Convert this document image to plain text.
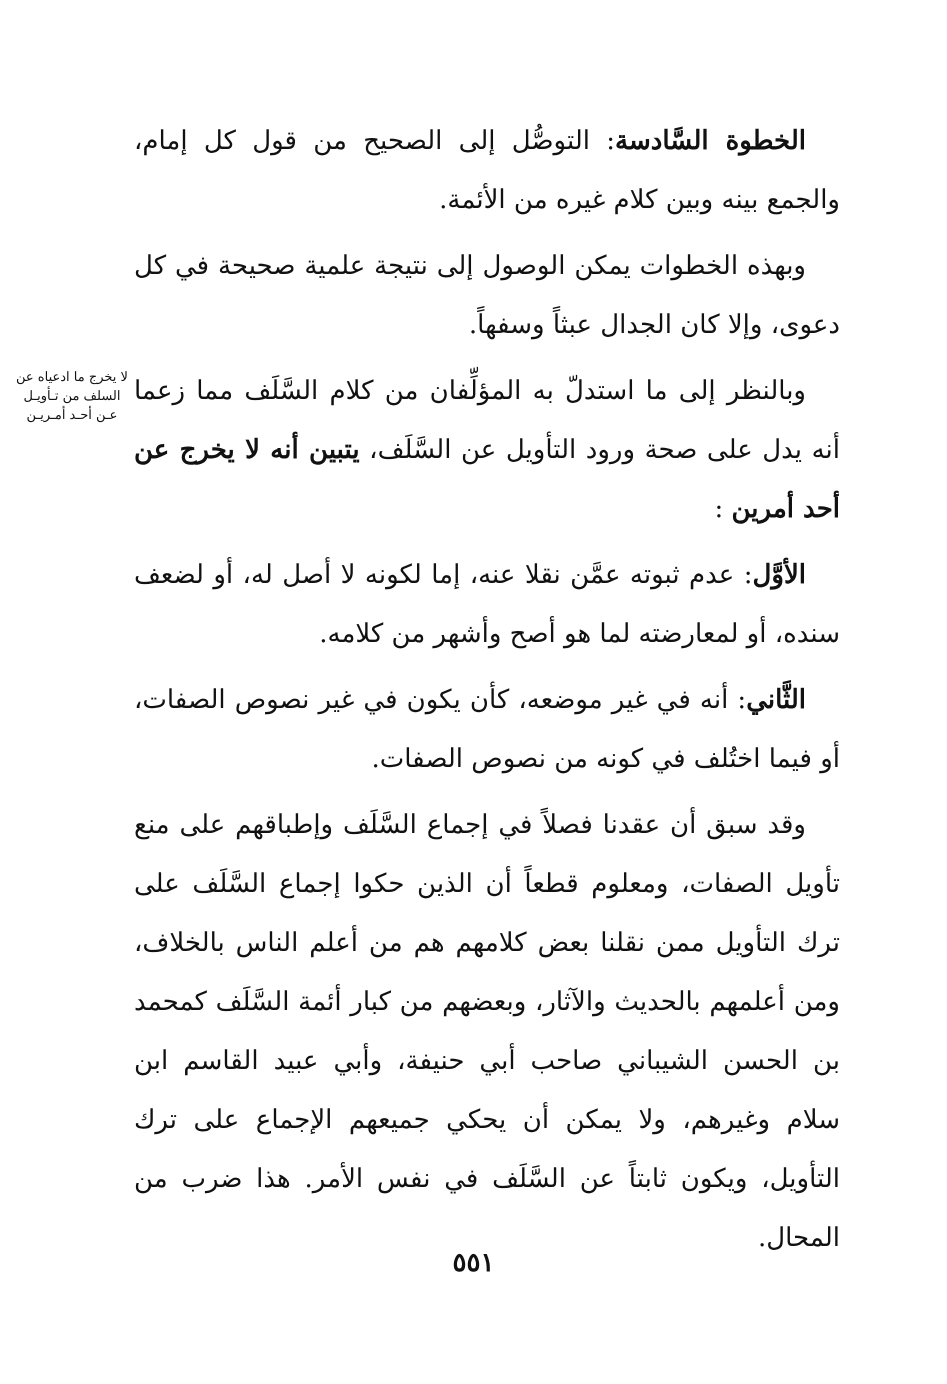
لا يخرج ما ادعياه عن السلف من تـأويـل عـن أحـد أمـريـن

الخطوة السَّادسة: التوصُّل إلى الصحيح من قول كل إمام، والجمع بينه وبين كلام غيره من الأئمة.

وبهذه الخطوات يمكن الوصول إلى نتيجة علمية صحيحة في كل دعوى، وإلا كان الجدال عبثاً وسفهاً.

وبالنظر إلى ما استدلّ به المؤلِّفان من كلام السَّلَف مما زعما أنه يدل على صحة ورود التأويل عن السَّلَف، يتبين أنه لا يخرج عن أحد أمرين :

الأوَّل: عدم ثبوته عمَّن نقلا عنه، إما لكونه لا أصل له، أو لضعف سنده، أو لمعارضته لما هو أصح وأشهر من كلامه.

الثَّاني: أنه في غير موضعه، كأن يكون في غير نصوص الصفات، أو فيما اختُلف في كونه من نصوص الصفات.

وقد سبق أن عقدنا فصلاً في إجماع السَّلَف وإطباقهم على منع تأويل الصفات، ومعلوم قطعاً أن الذين حكوا إجماع السَّلَف على ترك التأويل ممن نقلنا بعض كلامهم هم من أعلم الناس بالخلاف، ومن أعلمهم بالحديث والآثار، وبعضهم من كبار أئمة السَّلَف كمحمد بن الحسن الشيباني صاحب أبي حنيفة، وأبي عبيد القاسم ابن سلام وغيرهم، ولا يمكن أن يحكي جميعهم الإجماع على ترك التأويل، ويكون ثابتاً عن السَّلَف في نفس الأمر. هذا ضرب من المحال.

٥٥١
